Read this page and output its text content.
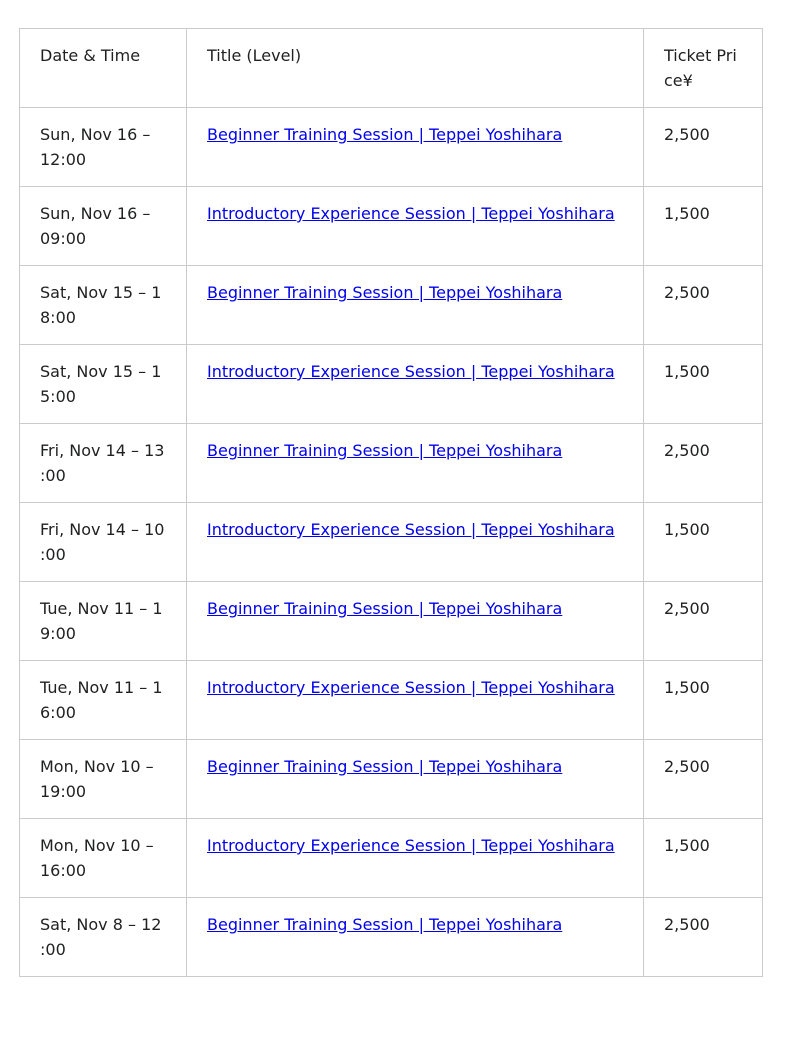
Date & Time	Title (Level)	Ticket Pri
ce¥

Sun, Nov 16 –
12:00	Beginner Training Session | Teppei Yoshihara	2,500

Sun, Nov 16 –
09:00	Introductory Experience Session | Teppei Yoshihara	1,500

Sat, Nov 15 – 1
8:00	Beginner Training Session | Teppei Yoshihara	2,500

Sat, Nov 15 – 1
5:00	Introductory Experience Session | Teppei Yoshihara	1,500

Fri, Nov 14 – 13
:00	Beginner Training Session | Teppei Yoshihara	2,500

Fri, Nov 14 – 10
:00	Introductory Experience Session | Teppei Yoshihara	1,500

Tue, Nov 11 – 1
9:00	Beginner Training Session | Teppei Yoshihara	2,500

Tue, Nov 11 – 1
6:00	Introductory Experience Session | Teppei Yoshihara	1,500

Mon, Nov 10 –
19:00	Beginner Training Session | Teppei Yoshihara	2,500

Mon, Nov 10 –
16:00	Introductory Experience Session | Teppei Yoshihara	1,500

Sat, Nov 8 – 12
:00	Beginner Training Session | Teppei Yoshihara	2,500
